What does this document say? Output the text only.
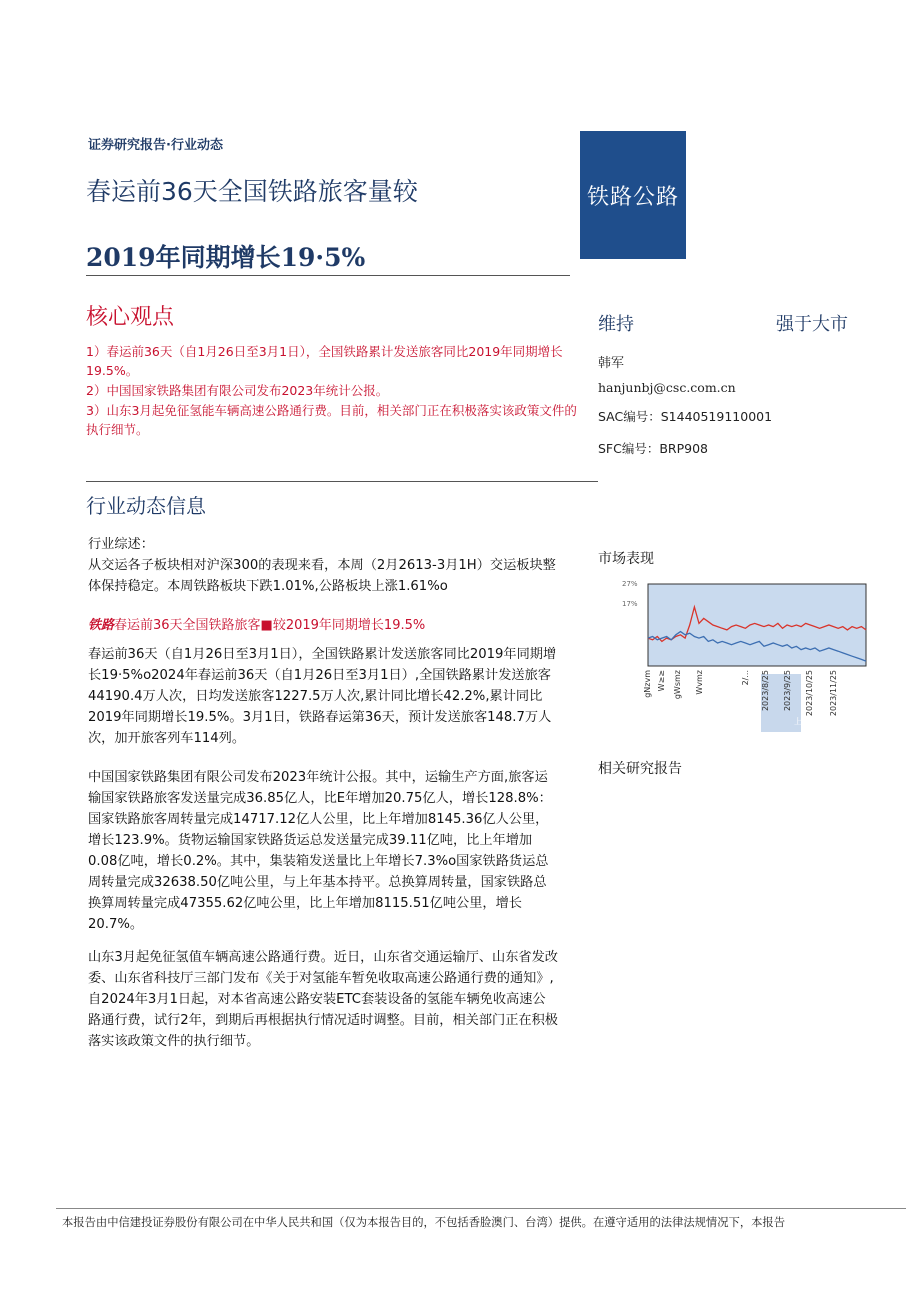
证券研究报告·行业动态
春运前36天全国铁路旅客量较
2019年同期增长19·5%
铁路公路
核心观点
1）春运前36天（自1月26日至3月1日），全国铁路累计发送旅客同比2019年同期增长19.5%。
2）中国国家铁路集团有限公司发布2023年统计公报。
3）山东3月起免征氢能车辆高速公路通行费。目前，相关部门正在积极落实该政策文件的执行细节。
维持	强于大市
韩军
hanjunbj@csc.com.cn
SAC编号：S1440519110001
SFC编号：BRP908
行业动态信息
行业综述：
从交运各子板块相对沪深300的表现来看，本周（2月2613-3月1H）交运板块整体保持稳定。本周铁路板块下跌1.01%,公路板块上涨1.61%o
铁路春运前36天全国铁路旅客■较2019年同期增长19.5%
春运前36天（自1月26日至3月1日），全国铁路累计发送旅客同比2019年同期增长19·5%o2024年春运前36天（自1月26日至3月1日）,全国铁路累计发送旅客44190.4万人次，日均发送旅客1227.5万人次,累计同比增长42.2%,累计同比2019年同期增长19.5%。3月1日，铁路春运第36天，预计发送旅客148.7万人次，加开旅客列车114列。
中国国家铁路集团有限公司发布2023年统计公报。其中，运输生产方面,旅客运输国家铁路旅客发送量完成36.85亿人，比E年增加20.75亿人，增长128.8%：国家铁路旅客周转量完成14717.12亿人公里，比上年增加8145.36亿人公里，增长123.9%。货物运输国家铁路货运总发送量完成39.11亿吨，比上年增加0.08亿吨，增长0.2%。其中，集装箱发送量比上年增长7.3%o国家铁路货运总周转量完成32638.50亿吨公里，与上年基本持平。总换算周转量，国家铁路总换算周转量完成47355.62亿吨公里，比上年增加8115.51亿吨公里，增长20.7%。
山东3月起免征氢值车辆高速公路通行费。近日，山东省交通运输厅、山东省发改委、山东省科技厅三部门发布《关于对氢能车暂免收取高速公路通行费的通知》,自2024年3月1日起，对本省高速公路安装ETC套装设备的氢能车辆免收高速公路通行费，试行2年，到期后再根据执行情况适时调整。目前，相关部门正在积极落实该政策文件的执行细节。
市场表现
27%
17%
gNzvm W≥≥ gWsmz Wvmz	2/... 2023/8/25 2023/9/25 2023/10/25 2023/11/25
上证指数
相关研究报告
本报告由中信建投证券股份有限公司在中华人民共和国（仅为本报告目的，不包括香脸澳门、台湾）提供。在遵守适用的法律法规情况下，本报告
